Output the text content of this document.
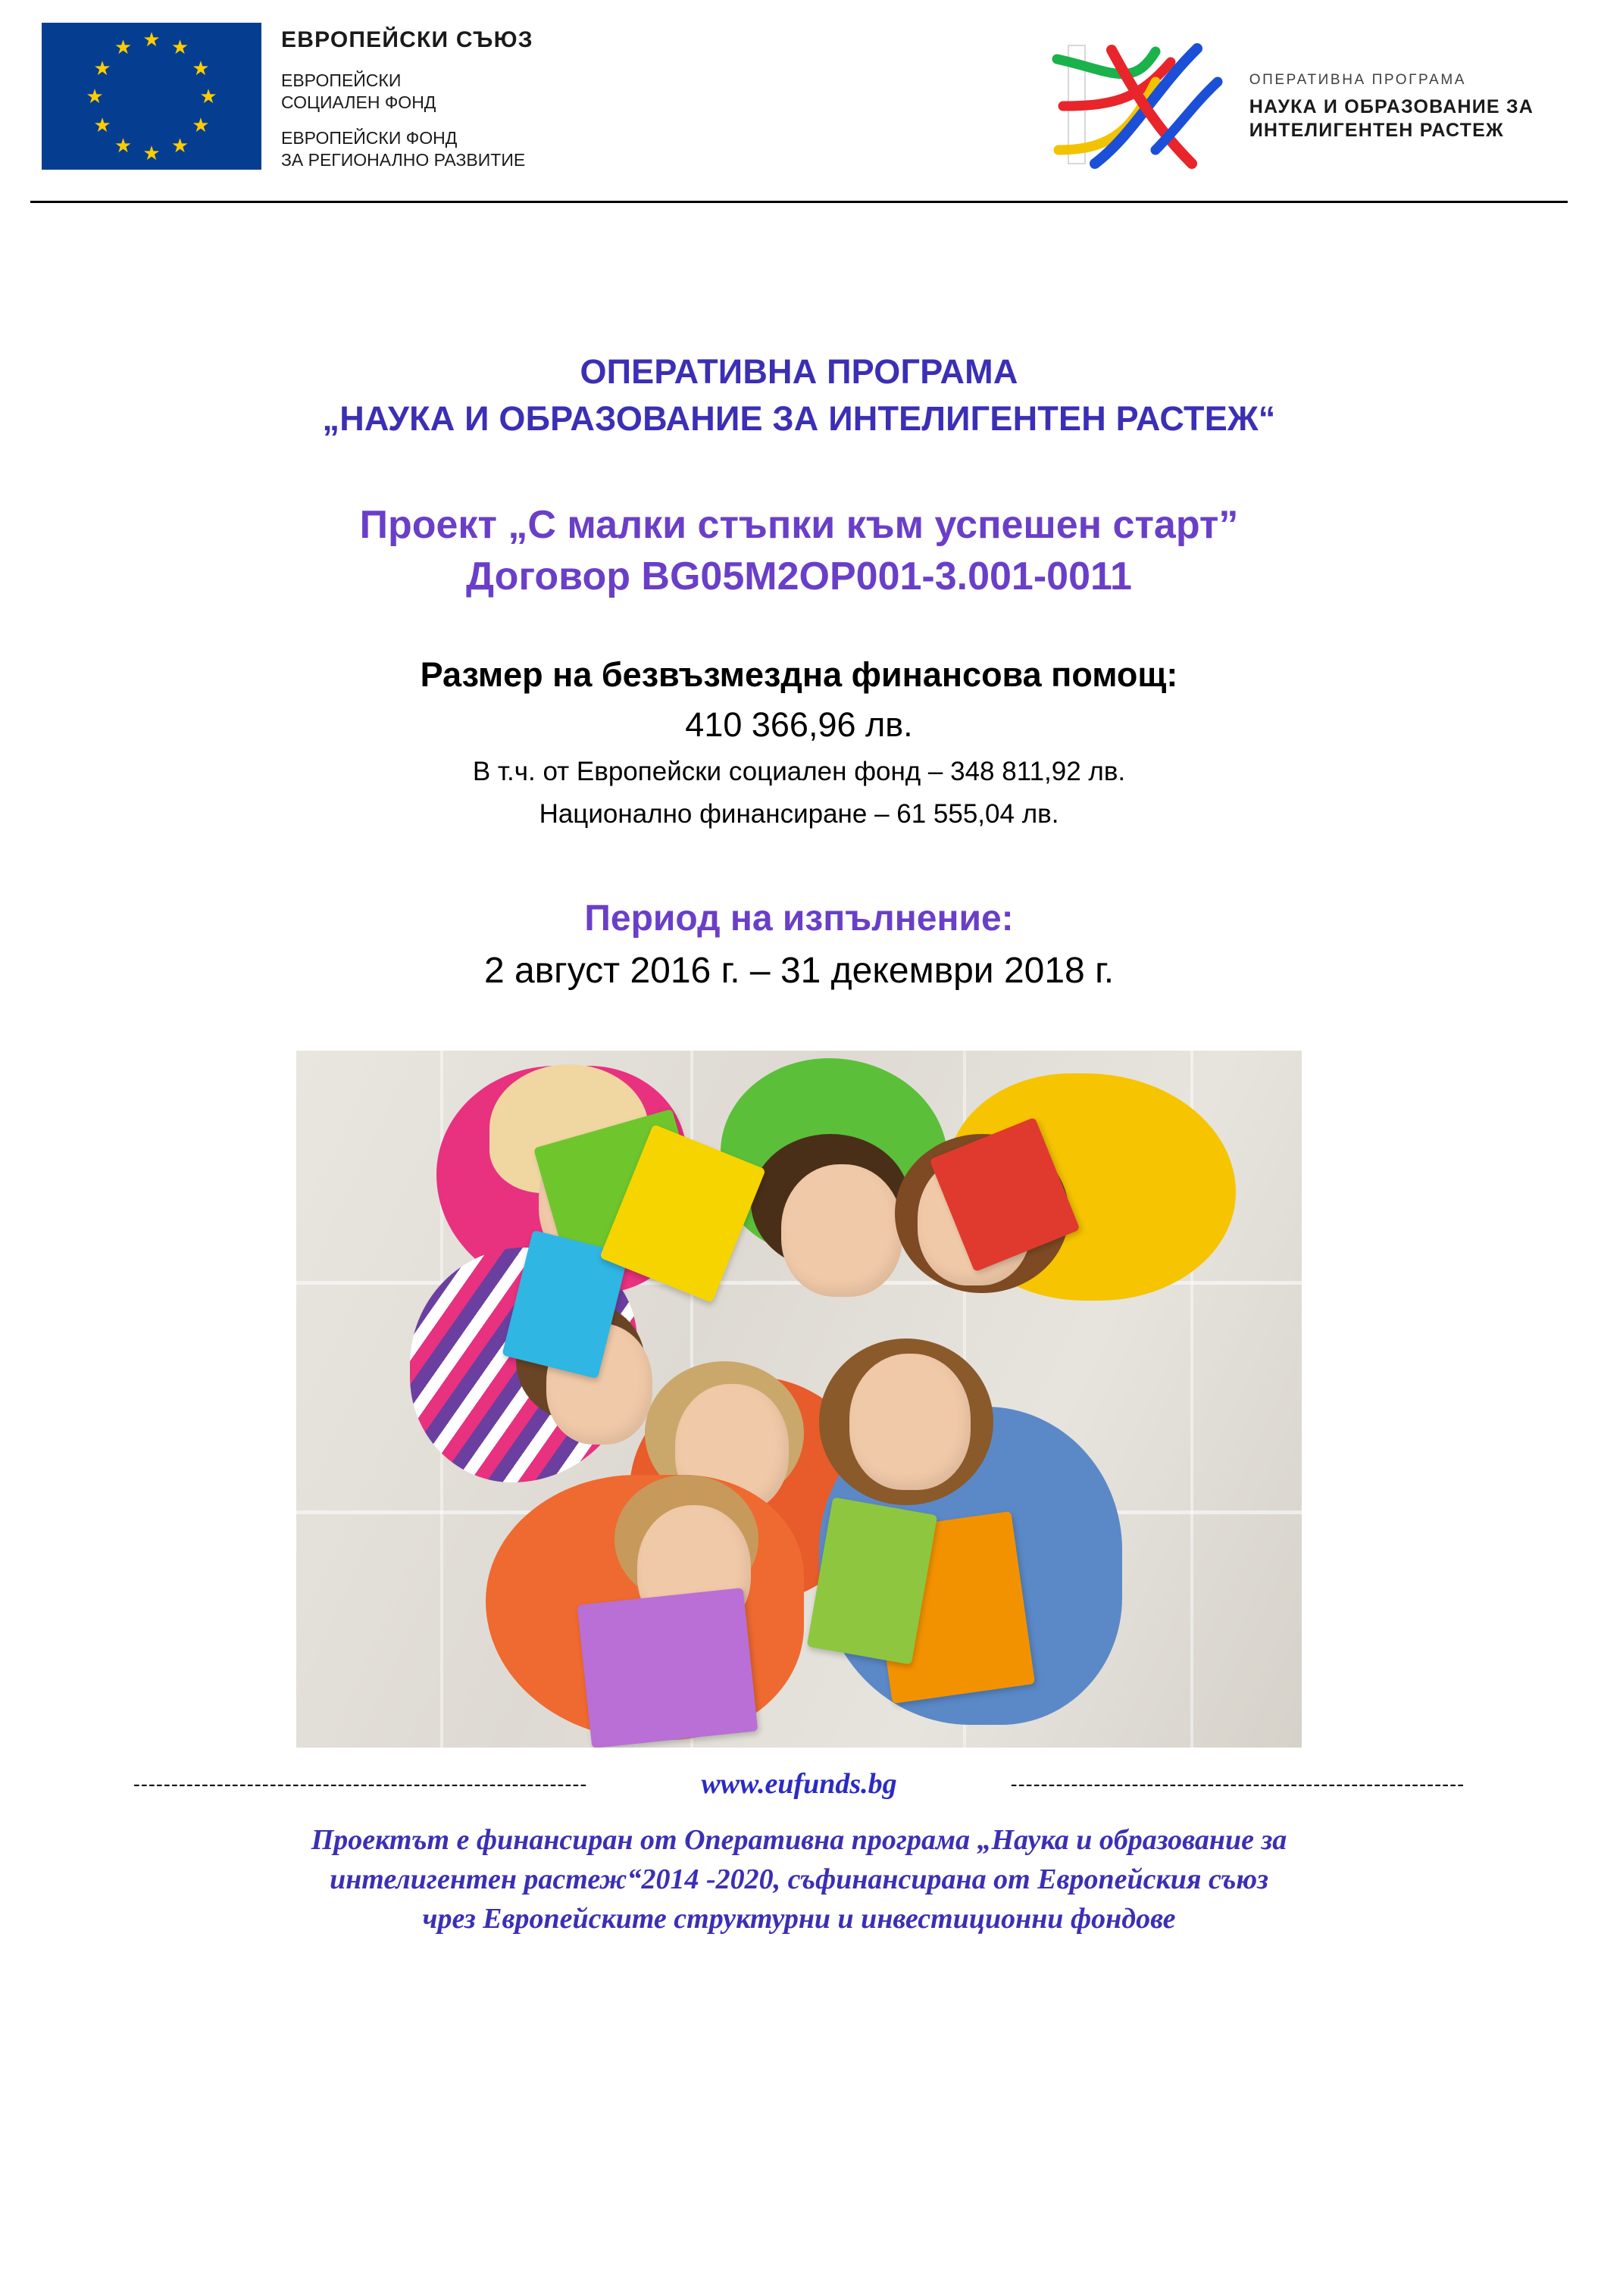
★ ★
★
★
★
★
★
★
★
★
★
★	ЕВРОПЕЙСКИ СЪЮЗ
ЕВРОПЕЙСКИ
СОЦИАЛЕН ФОНД
ЕВРОПЕЙСКИ ФОНД
ЗА РЕГИОНАЛНО РАЗВИТИЕ
ОПЕРАТИВНА ПРОГРАМА
НАУКА И ОБРАЗОВАНИЕ ЗА
ИНТЕЛИГЕНТЕН РАСТЕЖ
ОПЕРАТИВНА ПРОГРАМА
„НАУКА И ОБРАЗОВАНИЕ ЗА ИНТЕЛИГЕНТЕН РАСТЕЖ“
Проект „С малки стъпки към успешен старт”
Договор BG05M2OP001-3.001-0011
Размер на безвъзмездна финансова помощ:
410 366,96 лв.
В т.ч. от Европейски социален фонд – 348 811,92 лв.
Национално финансиране – 61 555,04 лв.
Период на изпълнение:
2 август 2016 г. – 31 декември 2018 г.
------------------------------------------------------------	www.eufunds.bg	------------------------------------------------------------
Проектът е финансиран от Оперативна програма „Наука и образование за
интелигентен растеж“2014 -2020, съфинансирана от Европейския съюз
чрез Европейските структурни и инвестиционни фондове
